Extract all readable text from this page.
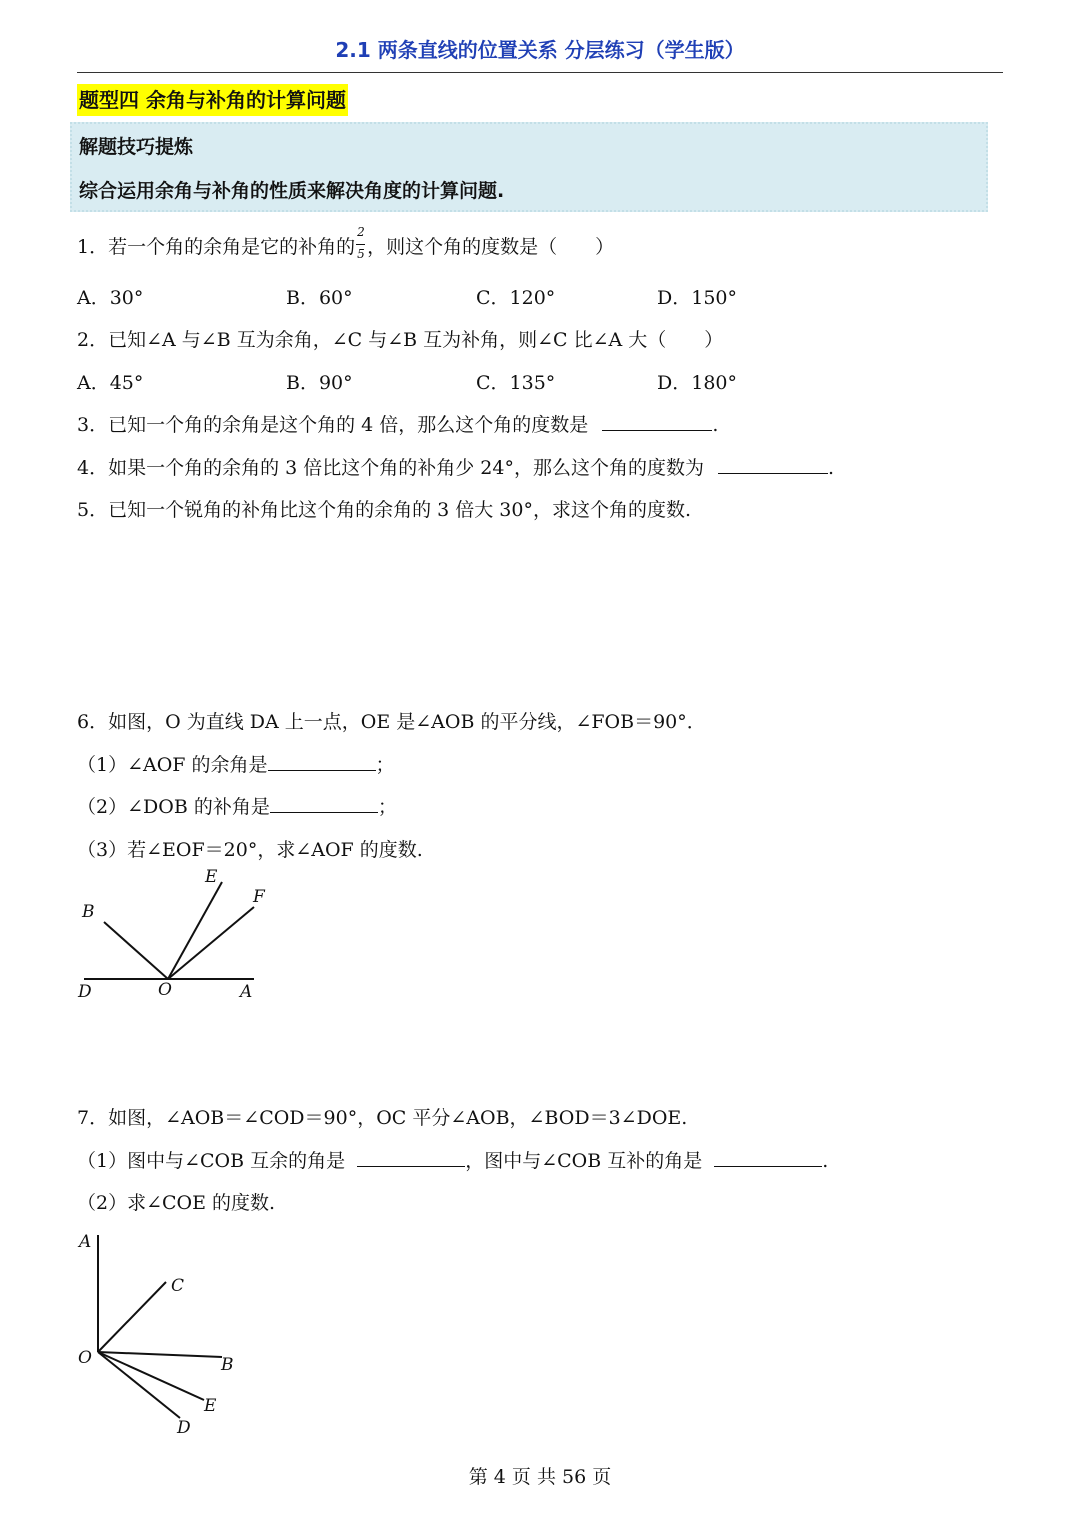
2.1 两条直线的位置关系 分层练习（学生版）
题型四 余角与补角的计算问题
解题技巧提炼
综合运用余角与补角的性质来解决角度的计算问题.
1．若一个角的余角是它的补角的 $\frac{2}{5}$ ，则这个角的度数是（　　）
A．30°	B．60°	C．120°	D．150°
2．已知∠A 与∠B 互为余角，∠C 与∠B 互为补角，则∠C 比∠A 大（　　）
A．45°	B．90°	C．135°	D．180°
3．已知一个角的余角是这个角的 4 倍，那么这个角的度数是	.
4．如果一个角的余角的 3 倍比这个角的补角少 24°，那么这个角的度数为	.
5．已知一个锐角的补角比这个角的余角的 3 倍大 30°，求这个角的度数.
6．如图，O 为直线 DA 上一点，OE 是∠AOB 的平分线，∠FOB＝90°．
（1）∠AOF 的余角是	；
（2）∠DOB 的补角是	；
（3）若∠EOF＝20°，求∠AOF 的度数.
B
E
F
D	O	A
7．如图，∠AOB＝∠COD＝90°，OC 平分∠AOB，∠BOD＝3∠DOE.
（1）图中与∠COB 互余的角是	，图中与∠COB 互补的角是	.
（2）求∠COE 的度数.
A
C
O	B
E
D
第 4 页 共 56 页
